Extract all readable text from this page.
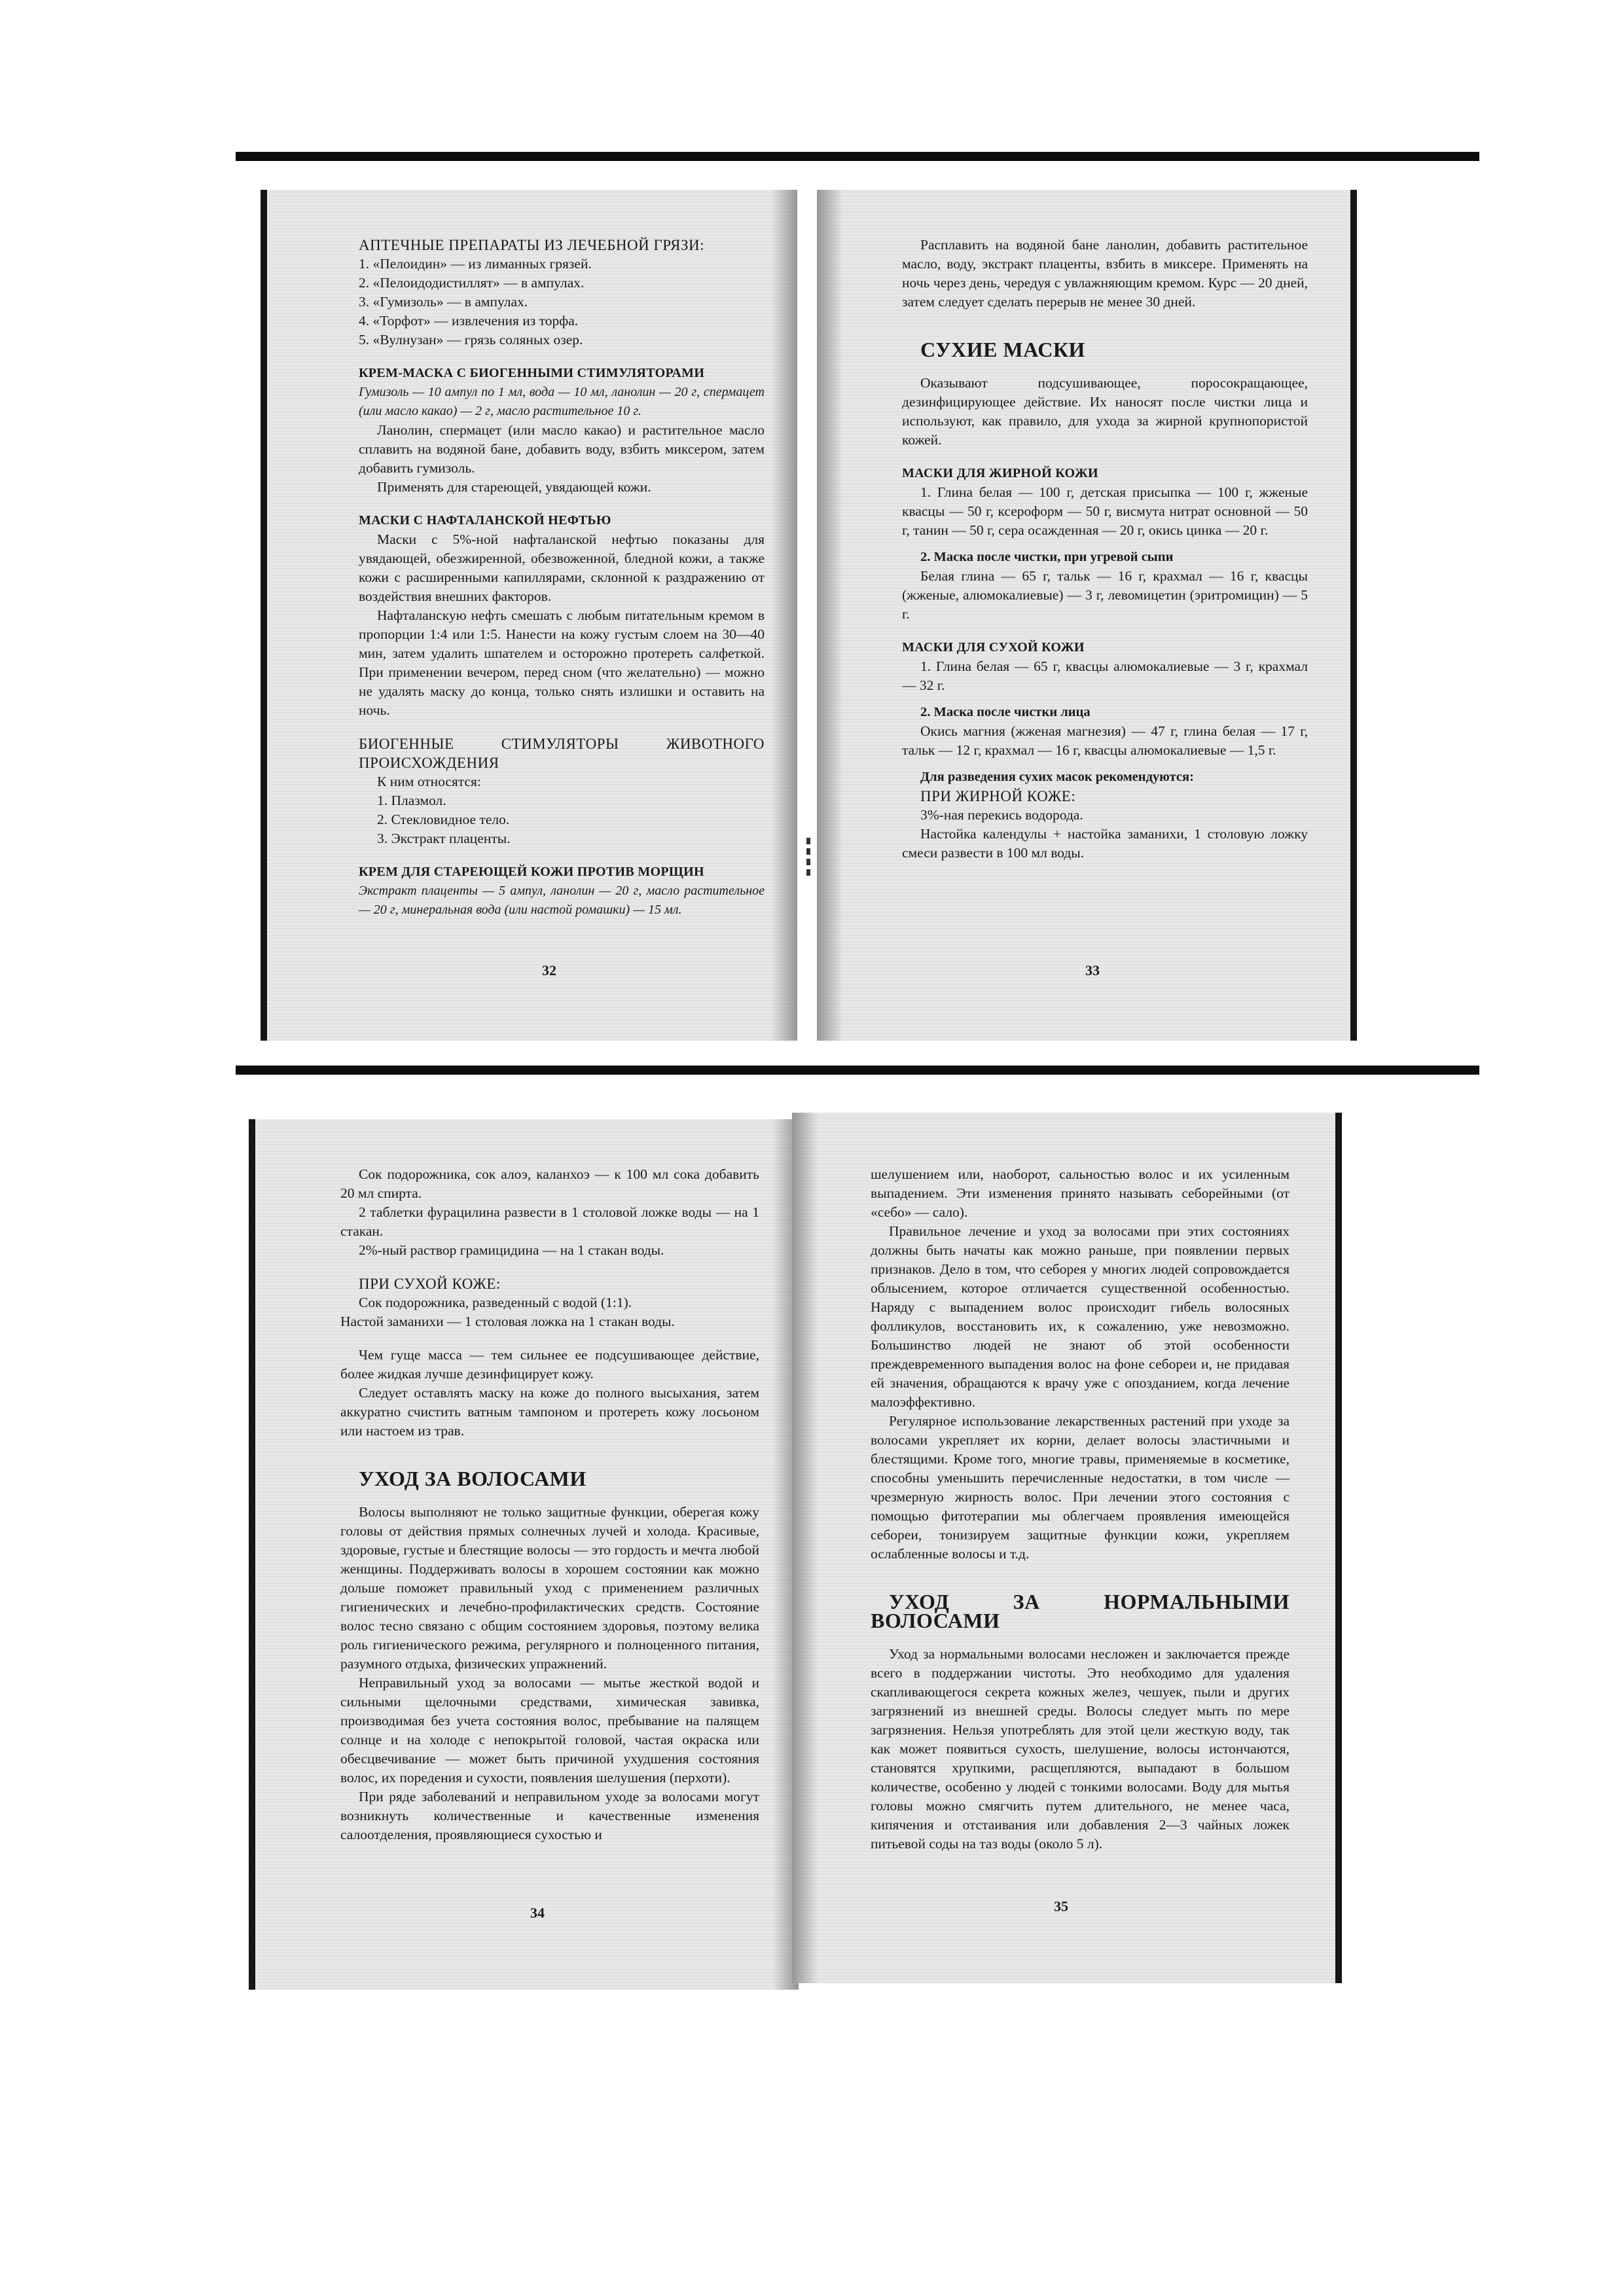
АПТЕЧНЫЕ ПРЕПАРАТЫ ИЗ ЛЕЧЕБНОЙ ГРЯЗИ:

1. «Пелоидин» — из лиманных грязей.

2. «Пелоидодистиллят» — в ампулах.

3. «Гумизоль» — в ампулах.

4. «Торфот» — извлечения из торфа.

5. «Вулнузан» — грязь соляных озер.

КРЕМ-МАСКА С БИОГЕННЫМИ СТИМУЛЯТОРАМИ

Гумизоль — 10 ампул по 1 мл, вода — 10 мл, ланолин — 20 г, спермацет (или масло какао) — 2 г, масло растительное 10 г.

Ланолин, спермацет (или масло какао) и растительное масло сплавить на водяной бане, добавить воду, взбить миксером, затем добавить гумизоль.

Применять для стареющей, увядающей кожи.

МАСКИ С НАФТАЛАНСКОЙ НЕФТЬЮ

Маски с 5%-ной нафталанской нефтью показаны для увядающей, обезжиренной, обезвоженной, бледной кожи, а также кожи с расширенными капиллярами, склонной к раздражению от воздействия внешних факторов.

Нафталанскую нефть смешать с любым питательным кремом в пропорции 1:4 или 1:5. Нанести на кожу густым слоем на 30—40 мин, затем удалить шпателем и осторожно протереть салфеткой. При применении вечером, перед сном (что желательно) — можно не удалять маску до конца, только снять излишки и оставить на ночь.

БИОГЕННЫЕ СТИМУЛЯТОРЫ ЖИВОТНОГО ПРОИСХОЖДЕНИЯ

К ним относятся:

1. Плазмол.

2. Стекловидное тело.

3. Экстракт плаценты.

КРЕМ ДЛЯ СТАРЕЮЩЕЙ КОЖИ ПРОТИВ МОРЩИН

Экстракт плаценты — 5 ампул, ланолин — 20 г, масло растительное — 20 г, минеральная вода (или настой ромашки) — 15 мл.

32

Расплавить на водяной бане ланолин, добавить растительное масло, воду, экстракт плаценты, взбить в миксере. Применять на ночь через день, чередуя с увлажняющим кремом. Курс — 20 дней, затем следует сделать перерыв не менее 30 дней.

СУХИЕ МАСКИ

Оказывают подсушивающее, поросокращающее, дезинфицирующее действие. Их наносят после чистки лица и используют, как правило, для ухода за жирной крупнопористой кожей.

МАСКИ ДЛЯ ЖИРНОЙ КОЖИ

1. Глина белая — 100 г, детская присыпка — 100 г, жженые квасцы — 50 г, ксероформ — 50 г, висмута нитрат основной — 50 г, танин — 50 г, сера осажденная — 20 г, окись цинка — 20 г.

2. Маска после чистки, при угревой сыпи

Белая глина — 65 г, тальк — 16 г, крахмал — 16 г, квасцы (жженые, алюмокалиевые) — 3 г, левомицетин (эритромицин) — 5 г.

МАСКИ ДЛЯ СУХОЙ КОЖИ

1. Глина белая — 65 г, квасцы алюмокалиевые — 3 г, крахмал — 32 г.

2. Маска после чистки лица

Окись магния (жженая магнезия) — 47 г, глина белая — 17 г, тальк — 12 г, крахмал — 16 г, квасцы алюмокалиевые — 1,5 г.

Для разведения сухих масок рекомендуются:

ПРИ ЖИРНОЙ КОЖЕ:

3%-ная перекись водорода.

Настойка календулы + настойка заманихи, 1 столовую ложку смеси развести в 100 мл воды.

33

Сок подорожника, сок алоэ, каланхоэ — к 100 мл сока добавить 20 мл спирта.

2 таблетки фурацилина развести в 1 столовой ложке воды — на 1 стакан.

2%-ный раствор грамицидина — на 1 стакан воды.

ПРИ СУХОЙ КОЖЕ:

Сок подорожника, разведенный с водой (1:1).

Настой заманихи — 1 столовая ложка на 1 стакан воды.

Чем гуще масса — тем сильнее ее подсушивающее действие, более жидкая лучше дезинфицирует кожу.

Следует оставлять маску на коже до полного высыхания, затем аккуратно счистить ватным тампоном и протереть кожу лосьоном или настоем из трав.

УХОД ЗА ВОЛОСАМИ

Волосы выполняют не только защитные функции, оберегая кожу головы от действия прямых солнечных лучей и холода. Красивые, здоровые, густые и блестящие волосы — это гордость и мечта любой женщины. Поддерживать волосы в хорошем состоянии как можно дольше поможет правильный уход с применением различных гигиенических и лечебно-профилактических средств. Состояние волос тесно связано с общим состоянием здоровья, поэтому велика роль гигиенического режима, регулярного и полноценного питания, разумного отдыха, физических упражнений.

Неправильный уход за волосами — мытье жесткой водой и сильными щелочными средствами, химическая завивка, производимая без учета состояния волос, пребывание на палящем солнце и на холоде с непокрытой головой, частая окраска или обесцвечивание — может быть причиной ухудшения состояния волос, их поредения и сухости, появления шелушения (перхоти).

При ряде заболеваний и неправильном уходе за волосами могут возникнуть количественные и качественные изменения салоотделения, проявляющиеся сухостью и

34

шелушением или, наоборот, сальностью волос и их усиленным выпадением. Эти изменения принято называть себорейными (от «себо» — сало).

Правильное лечение и уход за волосами при этих состояниях должны быть начаты как можно раньше, при появлении первых признаков. Дело в том, что себорея у многих людей сопровождается облысением, которое отличается существенной особенностью. Наряду с выпадением волос происходит гибель волосяных фолликулов, восстановить их, к сожалению, уже невозможно. Большинство людей не знают об этой особенности преждевременного выпадения волос на фоне себореи и, не придавая ей значения, обращаются к врачу уже с опозданием, когда лечение малоэффективно.

Регулярное использование лекарственных растений при уходе за волосами укрепляет их корни, делает волосы эластичными и блестящими. Кроме того, многие травы, применяемые в косметике, способны уменьшить перечисленные недостатки, в том числе — чрезмерную жирность волос. При лечении этого состояния с помощью фитотерапии мы облегчаем проявления имеющейся себореи, тонизируем защитные функции кожи, укрепляем ослабленные волосы и т.д.

УХОД ЗА НОРМАЛЬНЫМИ ВОЛОСАМИ

Уход за нормальными волосами несложен и заключается прежде всего в поддержании чистоты. Это необходимо для удаления скапливающегося секрета кожных желез, чешуек, пыли и других загрязнений из внешней среды. Волосы следует мыть по мере загрязнения. Нельзя употреблять для этой цели жесткую воду, так как может появиться сухость, шелушение, волосы истончаются, становятся хрупкими, расщепляются, выпадают в большом количестве, особенно у людей с тонкими волосами. Воду для мытья головы можно смягчить путем длительного, не менее часа, кипячения и отстаивания или добавления 2—3 чайных ложек питьевой соды на таз воды (около 5 л).

35
